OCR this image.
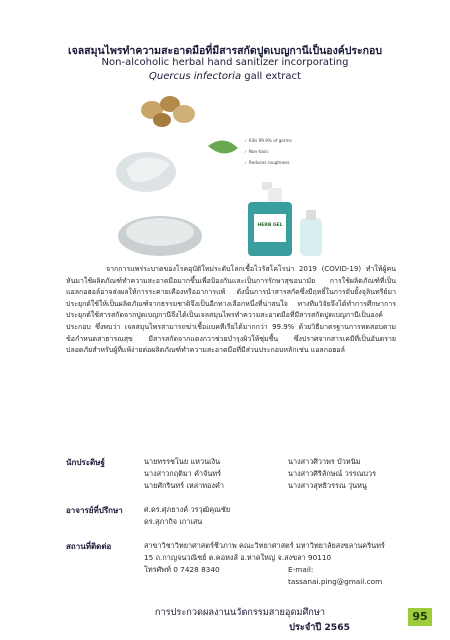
เจลสมุนไพรทำความสะอาดมือที่มีสารสกัดปูดเบญกานีเป็นองค์ประกอบ
Non-alcoholic herbal hand sanitizer incorporating
Quercus infectoria gall extract
✓ Kills 99.9% of germs
✓ Non-toxic
✓ Reduces roughness
HERB GEL

จากการแพร่ระบาดของโรคอุบัติใหม่ระดับโลกเชื้อไวรัสโคโรน่า 2019 (COVID-19) ทำให้ผู้คนหันมาใช้ผลิตภัณฑ์ทำความสะอาดมือมากขึ้นเพื่อป้องกันและเป็นการรักษาสุขอนามัย การใช้ผลิตภัณฑ์ที่เป็นแอลกอฮอล์อาจส่งผลให้การระคายเคืองหรืออาการแพ้ ดังนั้นการนำสารสกัดซึ่งมีฤทธิ์ในการยับยั้งจุลินทรีย์มาประยุกต์ใช้ให้เป็นผลิตภัณฑ์จากธรรมชาติจึงเป็นอีกทางเลือกหนึ่งที่น่าสนใจ ทางทีมวิจัยจึงได้ทำการศึกษาการประยุกต์ใช้สารสกัดจากปูดเบญกานีจึงได้เป็นเจลสมุนไพรทำความสะอาดมือที่มีสารสกัดปูดเบญกานีเป็นองค์ประกอบ ซึ่งพบว่า เจลสมุนไพรสามารถฆ่าเชื้อแบคทีเรียได้มากกว่า 99.9% ด้วยวิธีมาตรฐานการทดสอบตามข้อกำหนดสาธารณสุข มีสารสกัดจากแตงกวาช่วยบำรุงผิวให้ชุ่มชื้น ซึ่งปราศจากสารเคมีที่เป็นอันตราย ปลอดภัยสำหรับผู้ที่แพ้ง่ายต่อผลิตภัณฑ์ทำความสะอาดมือที่มีส่วนประกอบหลักเช่น แอลกอฮอล์

นักประดิษฐ์	นายทรรชโนย แหวนเงิน
นางสาวกฤติมา คำจันทร์
นายศักรินทร์ เหล่าทองคำ
นางสาวศิวาพร บัวหนิม
นางสาวศิริลักษณ์ วรรณบวร
นางสาวสุทธิวรรณ วุ่นหนู
อาจารย์ที่ปรึกษา	ศ.ดร.ศุภยางค์ วรวุฒิคุณชัย
ดร.สุภากิจ เกาเสน
สถานที่ติดต่อ	สาขาวิชาวิทยาศาสตร์ชีวภาพ คณะวิทยาศาสตร์ มหาวิทยาลัยสงขลานครินทร์
15 ถ.กาญจนวณิชย์ ต.คอหงส์ อ.หาดใหญ่ จ.สงขลา 90110
โทรศัพท์ 0 7428 8340	E-mail: tassanai.ping@gmail.com
การประกวดผลงานนวัตกรรมสายอุดมศึกษา
ประจำปี 2565
95
